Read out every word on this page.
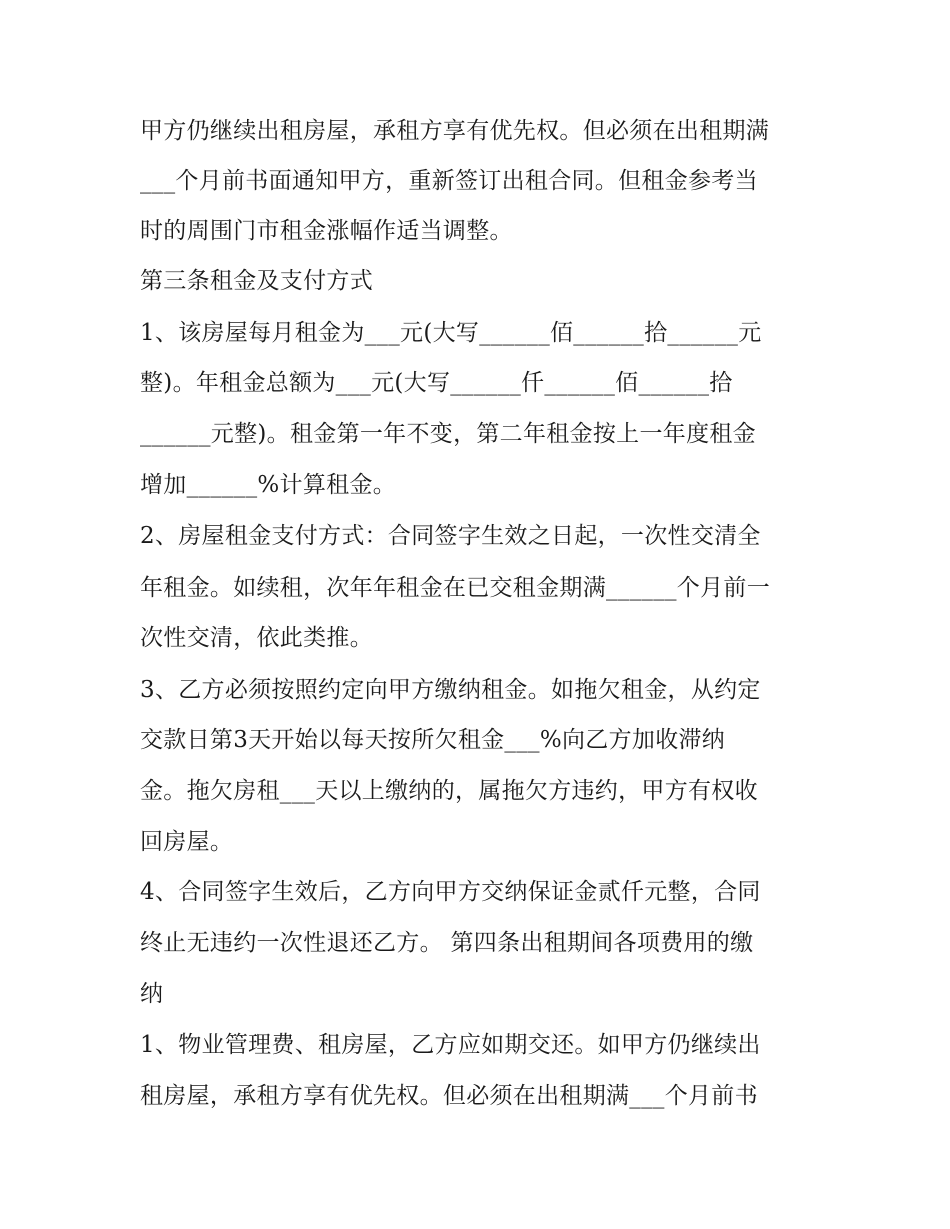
甲方仍继续出租房屋，承租方享有优先权。但必须在出租期满
___个月前书面通知甲方，重新签订出租合同。但租金参考当
时的周围门市租金涨幅作适当调整。
第三条租金及支付方式
1、该房屋每月租金为___元(大写______佰______拾______元
整)。年租金总额为___元(大写______仟______佰______拾
______元整)。租金第一年不变，第二年租金按上一年度租金
增加______%计算租金。
2、房屋租金支付方式：合同签字生效之日起，一次性交清全
年租金。如续租，次年年租金在已交租金期满______个月前一
次性交清，依此类推。
3、乙方必须按照约定向甲方缴纳租金。如拖欠租金，从约定
交款日第3天开始以每天按所欠租金___%向乙方加收滞纳
金。拖欠房租___天以上缴纳的，属拖欠方违约，甲方有权收
回房屋。
4、合同签字生效后，乙方向甲方交纳保证金贰仟元整，合同
终止无违约一次性退还乙方。 第四条出租期间各项费用的缴
纳
1、物业管理费、租房屋，乙方应如期交还。如甲方仍继续出
租房屋，承租方享有优先权。但必须在出租期满___个月前书
